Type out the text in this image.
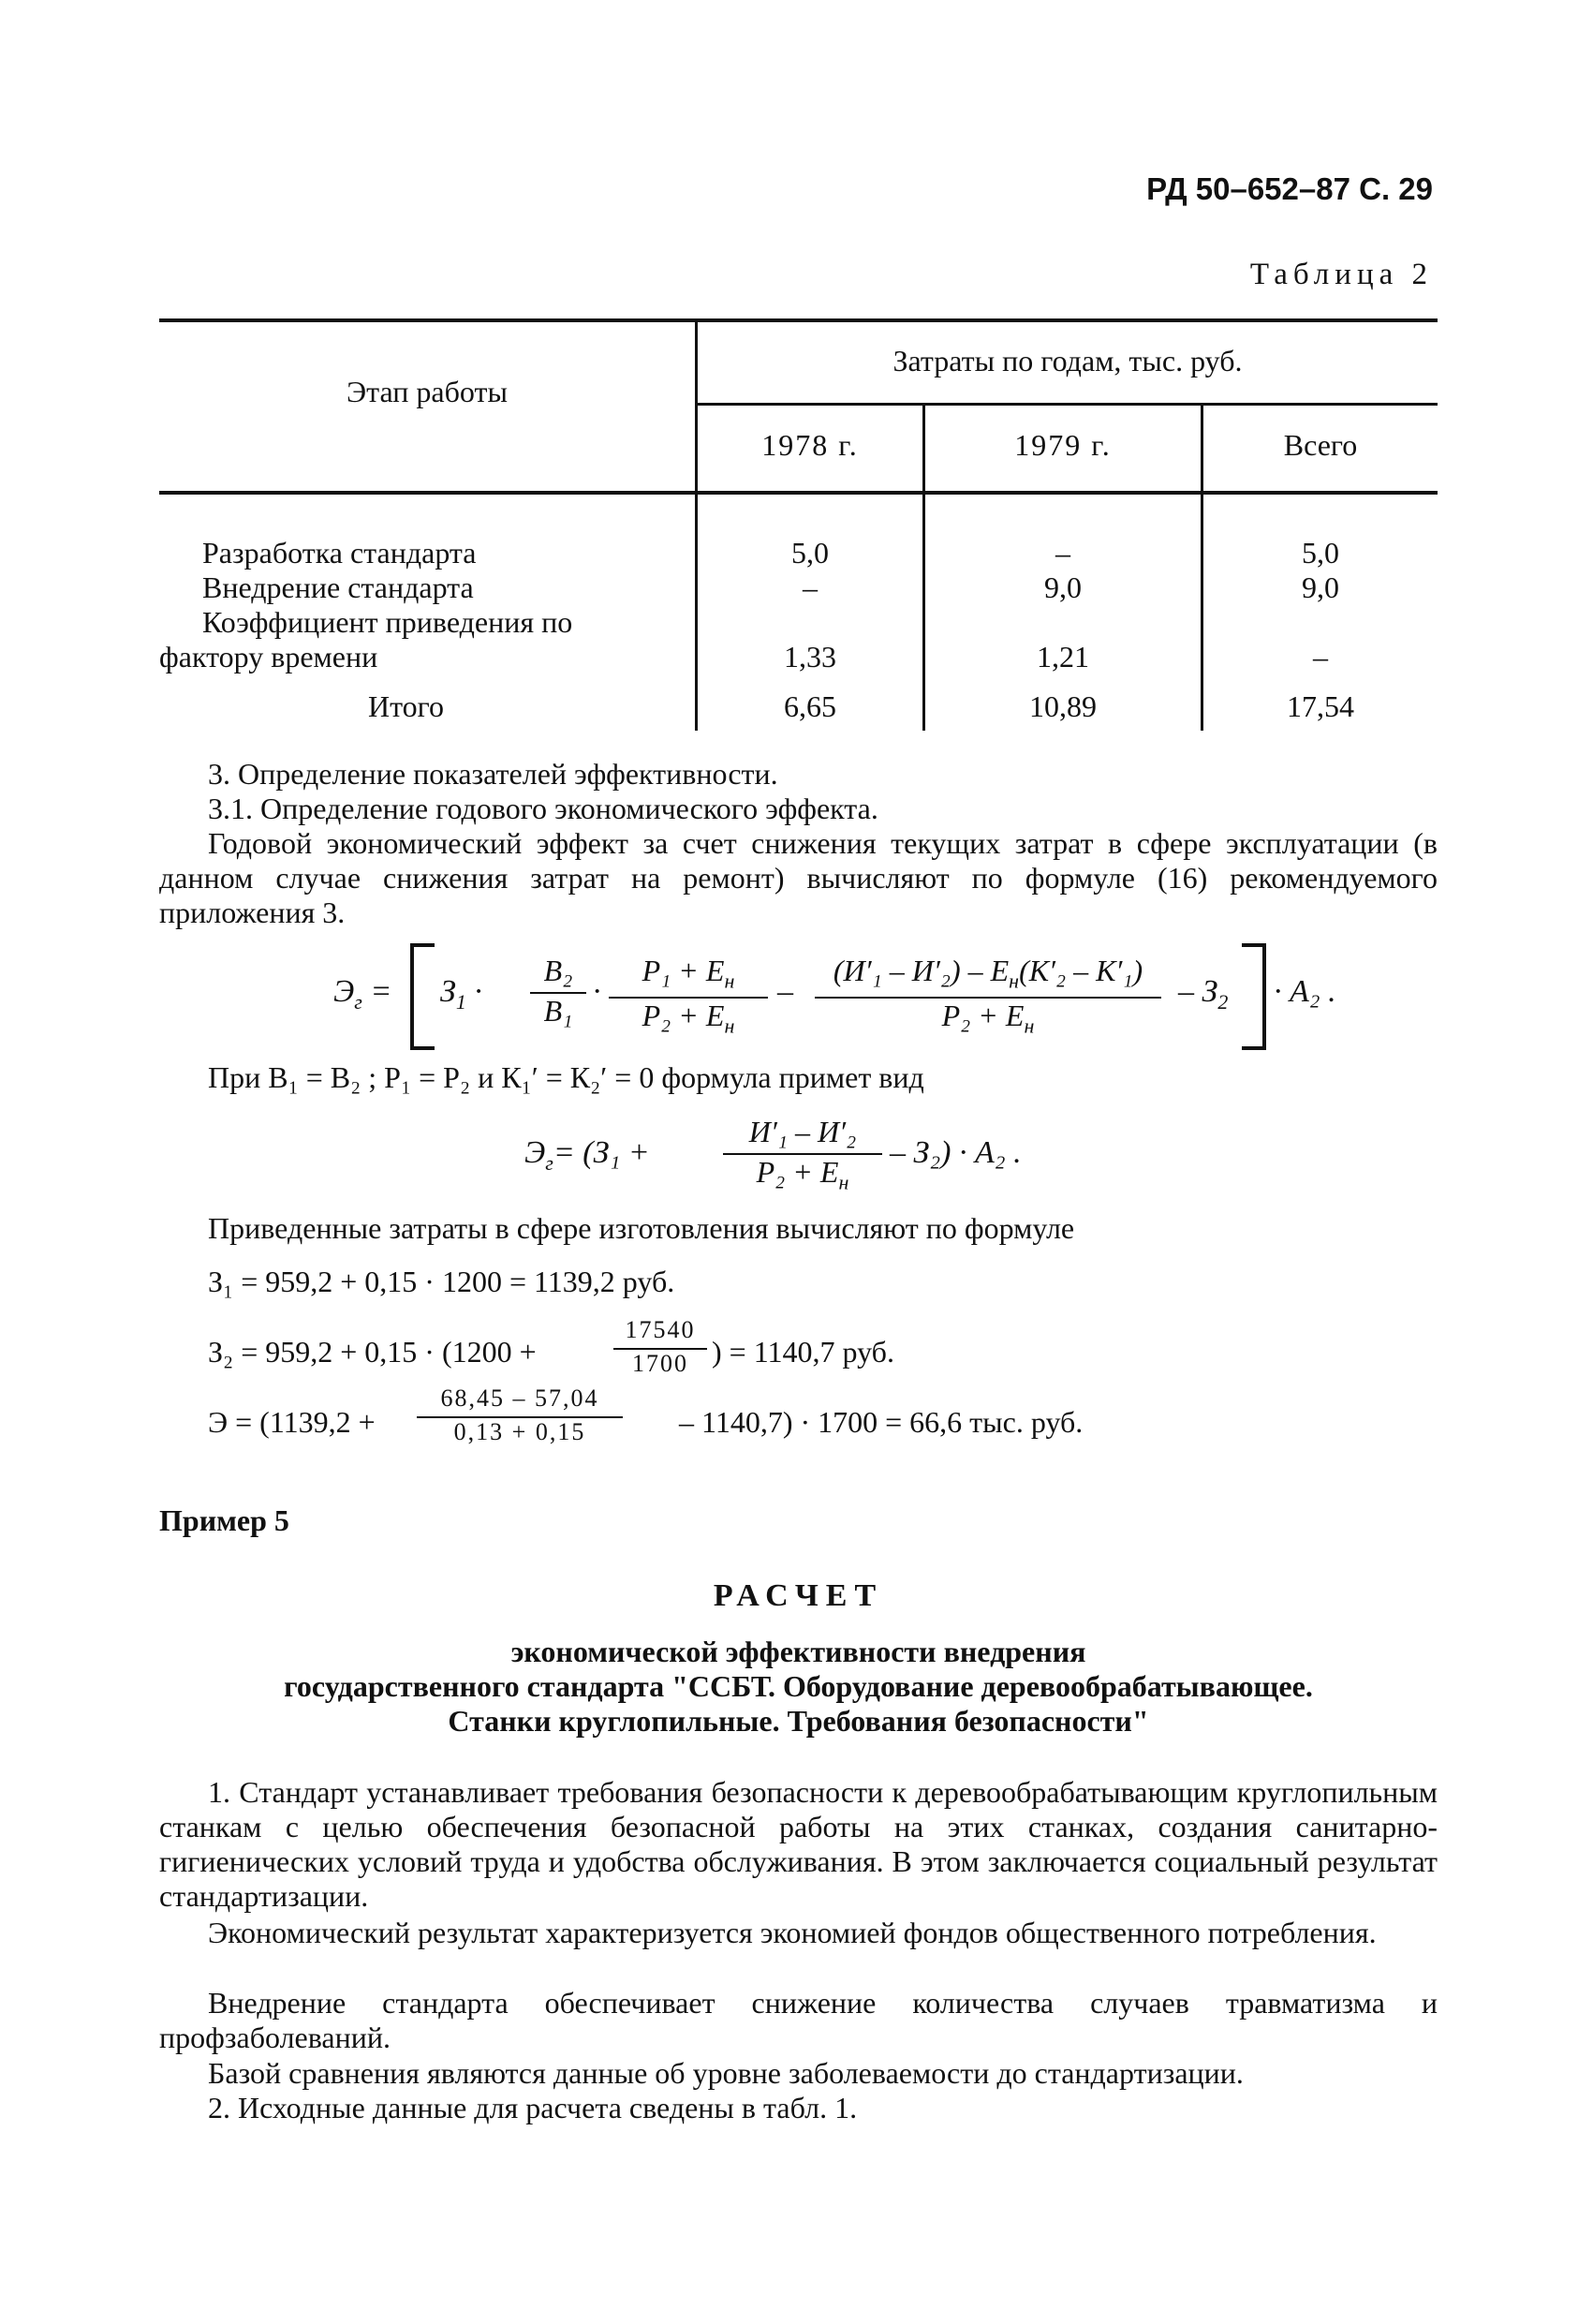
РД 50–652–87 С. 29
Таблица 2
Этап работы
Затраты по годам, тыс. руб.
1978 г.	1979 г.	Всего
Разработка стандарта	5,0	–	5,0
Внедрение стандарта	–	9,0	9,0
Коэффициент приведения по
фактору времени	1,33	1,21	–
Итого	6,65	10,89	17,54
3. Определение показателей эффективности.
3.1. Определение годового экономического эффекта.
Годовой экономический эффект за счет снижения текущих затрат в сфере эксплуатации (в данном случае снижения затрат на ремонт) вычисляют по формуле (16) рекомендуемого приложения 3.
$Э_г = З_1$ ·
В₂
В₁
·
$Р_1 + Е_н$
$Р_2 + Е_н$
–
$(И'_1 - И'_2) - Е_н(К'_2 - К'_1)$
$Р_2 + Е_н$
– $З_2 \cdot А_2$ .
При В₁ = В₂ ; Р₁ = Р₂ и К₁′ = К₂′ = 0 формула примет вид
$Э_г= (З_1$ +
И′₁ – И′₂
$Р_2 + Е_н$
– З₂) · А₂ .
Приведенные затраты в сфере изготовления вычисляют по формуле
З₁ = 959,2 + 0,15 · 1200 = 1139,2 руб.
З₂ = 959,2 + 0,15 · (1200 +	$\frac{17540}{1700}$ ) = 1140,7 руб.
$Э = (1139,2 + \frac{68,45 - 57,04}{0,13 + 0,15} - 1140,7) \cdot 1700 = 66,6$ тыс. руб.
Пример 5
РАСЧЕТ
экономической эффективности внедрения
государственного стандарта "ССБТ. Оборудование деревообрабатывающее.
Станки круглопильные. Требования безопасности"
1. Стандарт устанавливает требования безопасности к деревообрабатывающим круглопильным станкам с целью обеспечения безопасной работы на этих станках, создания санитарно-гигиенических условий труда и удобства обслуживания. В этом заключается социальный результат стандартизации.
Экономический результат характеризуется экономией фондов общественного потребления.
Внедрение стандарта обеспечивает снижение количества случаев травматизма и профзаболеваний.
Базой сравнения являются данные об уровне заболеваемости до стандартизации.
2. Исходные данные для расчета сведены в табл. 1.
